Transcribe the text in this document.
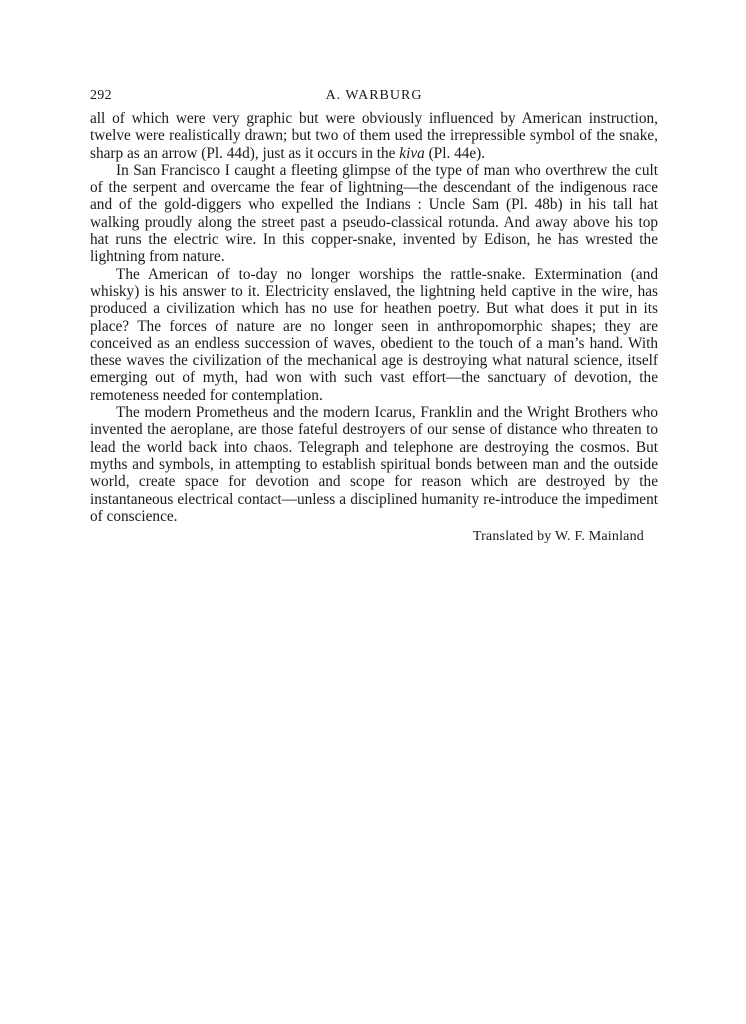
292	A. WARBURG

all of which were very graphic but were obviously influenced by American instruction, twelve were realistically drawn; but two of them used the irrepressible symbol of the snake, sharp as an arrow (Pl. 44d), just as it occurs in the kiva (Pl. 44e).

In San Francisco I caught a fleeting glimpse of the type of man who overthrew the cult of the serpent and overcame the fear of lightning—the descendant of the indigenous race and of the gold-diggers who expelled the Indians : Uncle Sam (Pl. 48b) in his tall hat walking proudly along the street past a pseudo-classical rotunda. And away above his top hat runs the electric wire. In this copper-snake, invented by Edison, he has wrested the lightning from nature.

The American of to-day no longer worships the rattle-snake. Extermination (and whisky) is his answer to it. Electricity enslaved, the lightning held captive in the wire, has produced a civilization which has no use for heathen poetry. But what does it put in its place? The forces of nature are no longer seen in anthropomorphic shapes; they are conceived as an endless succession of waves, obedient to the touch of a man’s hand. With these waves the civilization of the mechanical age is destroying what natural science, itself emerging out of myth, had won with such vast effort—the sanctuary of devotion, the remoteness needed for contemplation.

The modern Prometheus and the modern Icarus, Franklin and the Wright Brothers who invented the aeroplane, are those fateful destroyers of our sense of distance who threaten to lead the world back into chaos. Telegraph and telephone are destroying the cosmos. But myths and symbols, in attempting to establish spiritual bonds between man and the outside world, create space for devotion and scope for reason which are destroyed by the instantaneous electrical contact—unless a disciplined humanity re-introduce the impediment of conscience.

Translated by W. F. Mainland
